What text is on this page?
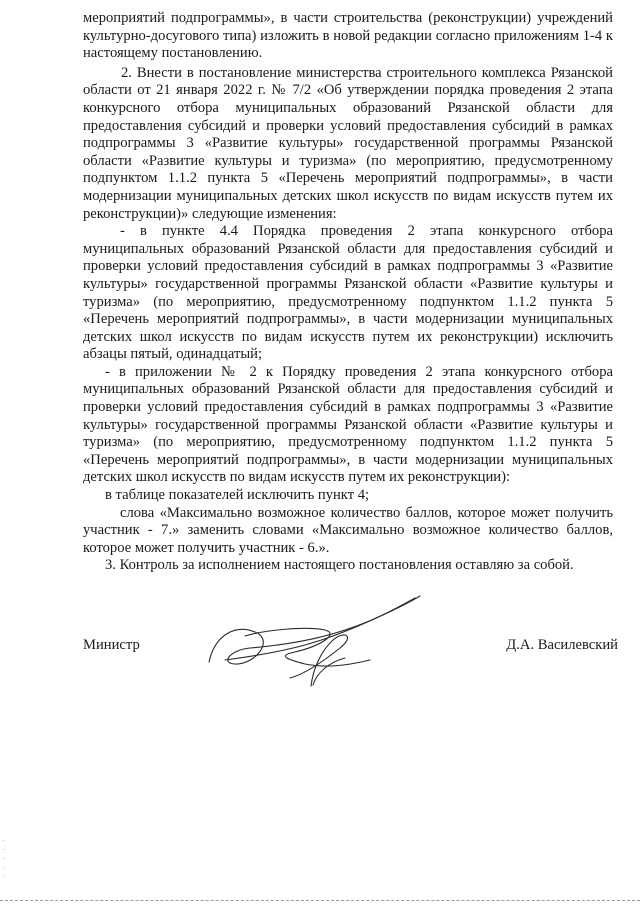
мероприятий подпрограммы», в части строительства (реконструкции) учреждений культурно-досугового типа) изложить в новой редакции согласно приложениям 1-4 к настоящему постановлению.

2. Внести в постановление министерства строительного комплекса Рязанской области от 21 января 2022 г. № 7/2 «Об утверждении порядка проведения 2 этапа конкурсного отбора муниципальных образований Рязанской области для предоставления субсидий и проверки условий предоставления субсидий в рамках подпрограммы 3 «Развитие культуры» государственной программы Рязанской области «Развитие культуры и туризма» (по мероприятию, предусмотренному подпунктом 1.1.2 пункта 5 «Перечень мероприятий подпрограммы», в части модернизации муниципальных детских школ искусств по видам искусств путем их реконструкции)» следующие изменения:

- в пункте 4.4 Порядка проведения 2 этапа конкурсного отбора муниципальных образований Рязанской области для предоставления субсидий и проверки условий предоставления субсидий в рамках подпрограммы 3 «Развитие культуры» государственной программы Рязанской области «Развитие культуры и туризма» (по мероприятию, предусмотренному подпунктом 1.1.2 пункта 5 «Перечень мероприятий подпрограммы», в части модернизации муниципальных детских школ искусств по видам искусств путем их реконструкции) исключить абзацы пятый, одинадцатый;

- в приложении № 2 к Порядку проведения 2 этапа конкурсного отбора муниципальных образований Рязанской области для предоставления субсидий и проверки условий предоставления субсидий в рамках подпрограммы 3 «Развитие культуры» государственной программы Рязанской области «Развитие культуры и туризма» (по мероприятию, предусмотренному подпунктом 1.1.2 пункта 5 «Перечень мероприятий подпрограммы», в части модернизации муниципальных детских школ искусств по видам искусств путем их реконструкции):

в таблице показателей исключить пункт 4;

слова «Максимально возможное количество баллов, которое может получить участник - 7.» заменить словами «Максимально возможное количество баллов, которое может получить участник - 6.».

3. Контроль за исполнением настоящего постановления оставляю за собой.

Министр	Д.А. Василевский
